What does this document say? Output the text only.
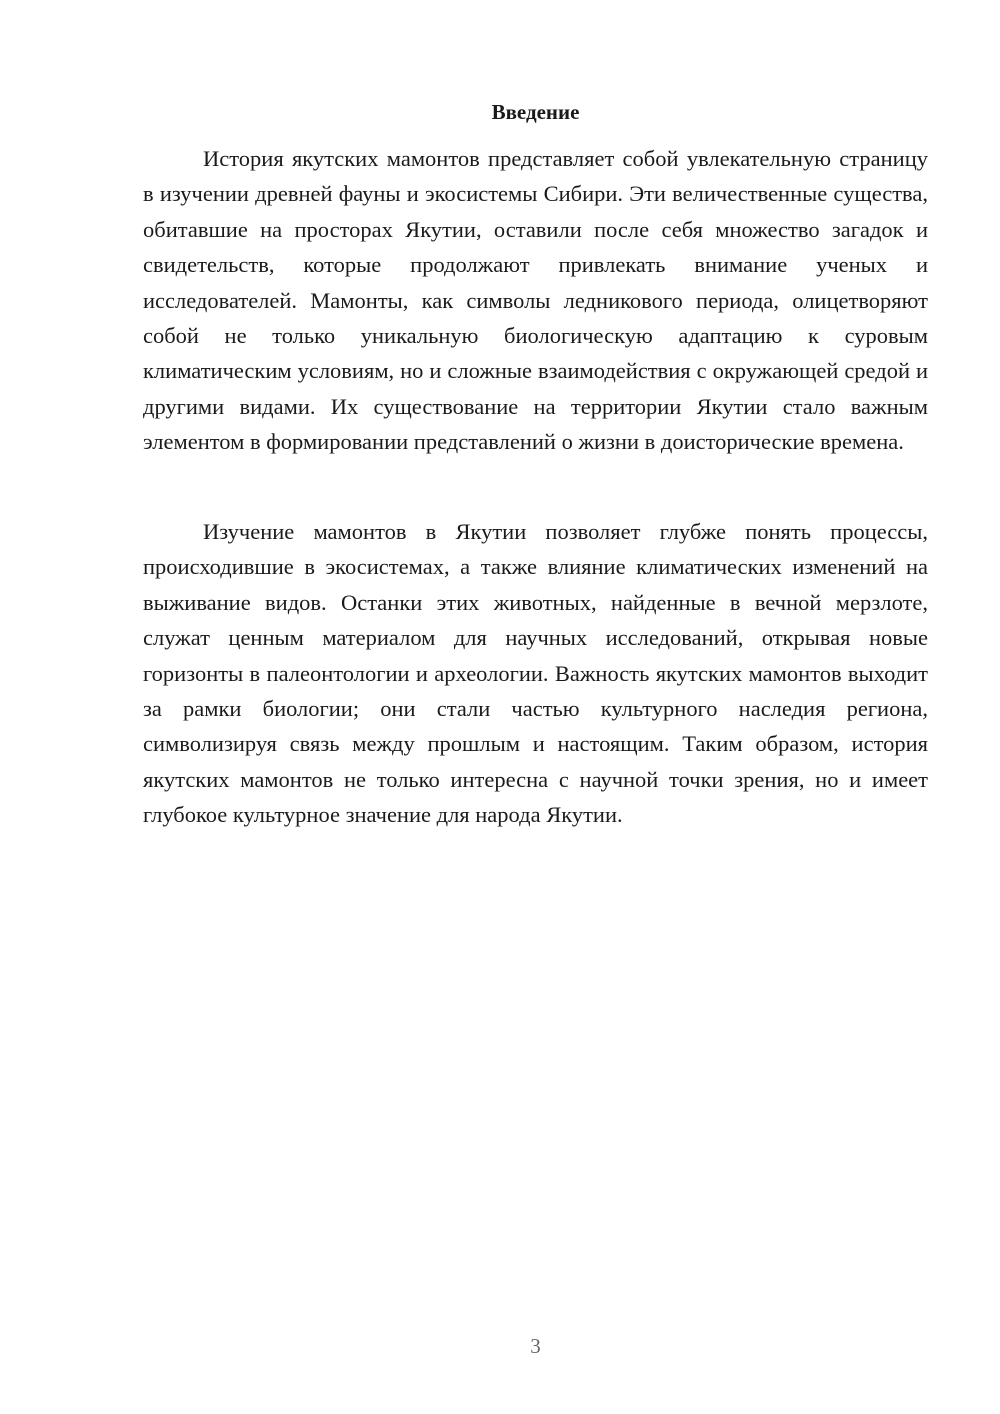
Введение

История якутских мамонтов представляет собой увлекательную страницу в изучении древней фауны и экосистемы Сибири. Эти величественные существа, обитавшие на просторах Якутии, оставили после себя множество загадок и свидетельств, которые продолжают привлекать внимание ученых и исследователей. Мамонты, как символы ледникового периода, олицетворяют собой не только уникальную биологическую адаптацию к суровым климатическим условиям, но и сложные взаимодействия с окружающей средой и другими видами. Их существование на территории Якутии стало важным элементом в формировании представлений о жизни в доисторические времена.

Изучение мамонтов в Якутии позволяет глубже понять процессы, происходившие в экосистемах, а также влияние климатических изменений на выживание видов. Останки этих животных, найденные в вечной мерзлоте, служат ценным материалом для научных исследований, открывая новые горизонты в палеонтологии и археологии. Важность якутских мамонтов выходит за рамки биологии; они стали частью культурного наследия региона, символизируя связь между прошлым и настоящим. Таким образом, история якутских мамонтов не только интересна с научной точки зрения, но и имеет глубокое культурное значение для народа Якутии.

3
